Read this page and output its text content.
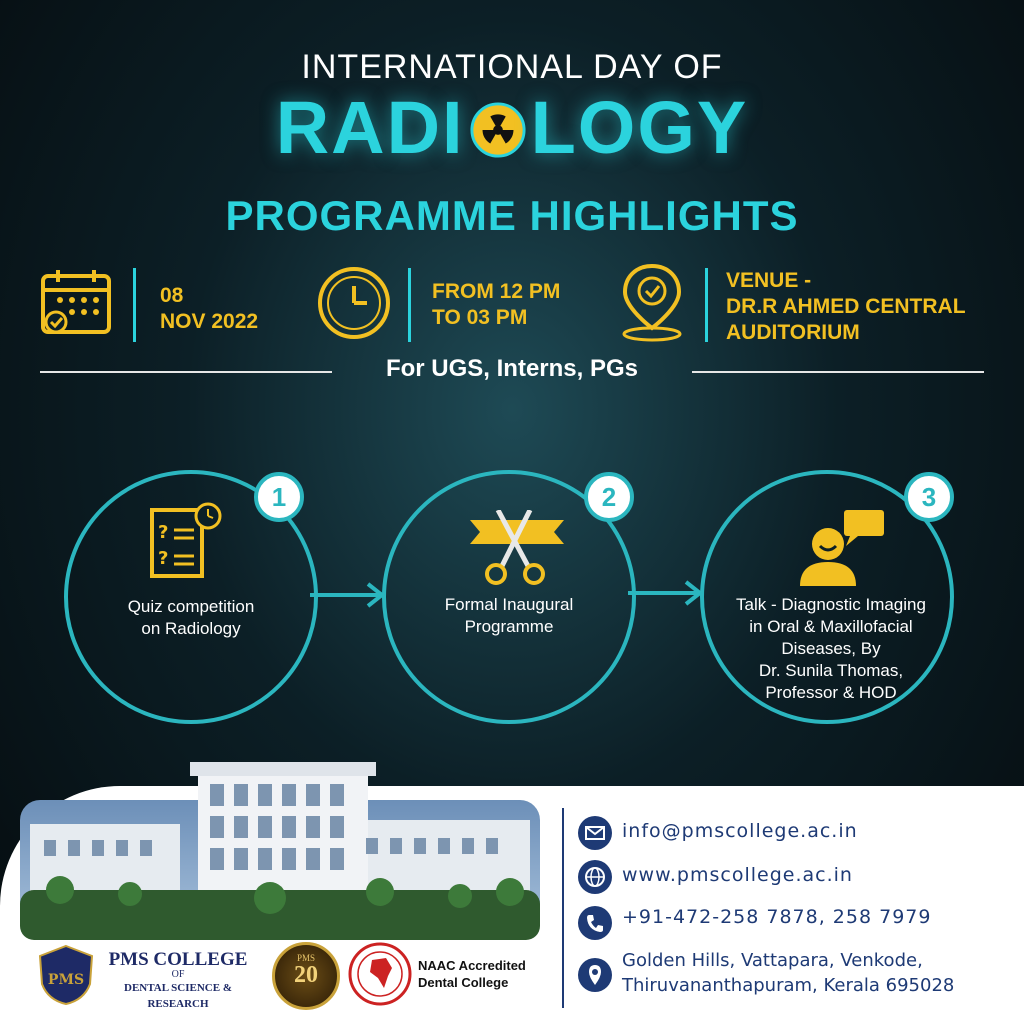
INTERNATIONAL DAY OF
RADI LOGY
PROGRAMME HIGHLIGHTS
08
NOV 2022
FROM 12 PM
TO 03 PM
VENUE -
DR.R AHMED CENTRAL
AUDITORIUM
For UGS, Interns, PGs
1	2	3
?
?
Quiz competition
on Radiology
Formal Inaugural
Programme
Talk - Diagnostic Imaging
in Oral & Maxillofacial
Diseases, By
Dr. Sunila Thomas,
Professor & HOD
PMS
PMS COLLEGE
OF
DENTAL SCIENCE & RESEARCH
PMS
20	NAAC Accredited
Dental College
info@pmscollege.ac.in
www.pmscollege.ac.in
+91-472-258 7878, 258 7979
Golden Hills, Vattapara, Venkode,
Thiruvananthapuram, Kerala 695028
